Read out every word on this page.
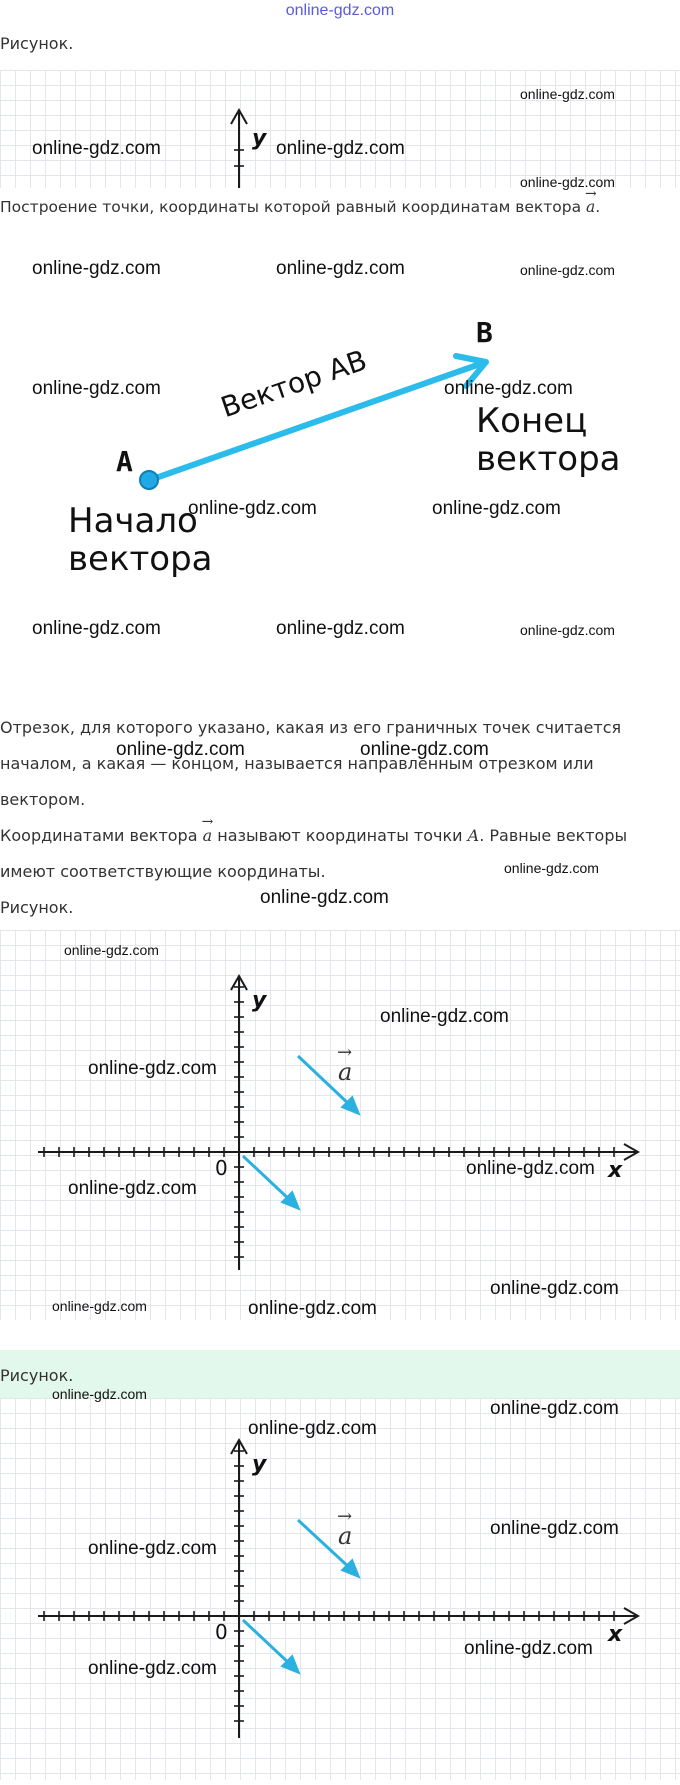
online-gdz.com
Рисунок.
y
online-gdz.com
online-gdz.com	online-gdz.com
online-gdz.com
Построение точки, координаты которой равный координатам вектора
→
a.
online-gdz.com	online-gdz.com	online-gdz.com
A
B
Вектор AB
online-gdz.com	online-gdz.com
Конец
вектора
Начало
вектора
online-gdz.com	online-gdz.com
online-gdz.com	online-gdz.com	online-gdz.com
Отрезок, для которого указано, какая из его граничных точек считается
online-gdz.com	online-gdz.com
началом, а какая — концом, называется направленным отрезком или
вектором.
Координатами вектора
→
a называют координаты точки A. Равные векторы
online-gdz.com
имеют соответствующие координаты.
Рисунок.	online-gdz.com
y
x
0
→
a
online-gdz.com
online-gdz.com
online-gdz.com
online-gdz.com
online-gdz.com
online-gdz.com
online-gdz.com	online-gdz.com
Рисунок.
y
x
0
→
a
online-gdz.com
online-gdz.com
online-gdz.com
online-gdz.com
online-gdz.com
online-gdz.com
online-gdz.com
